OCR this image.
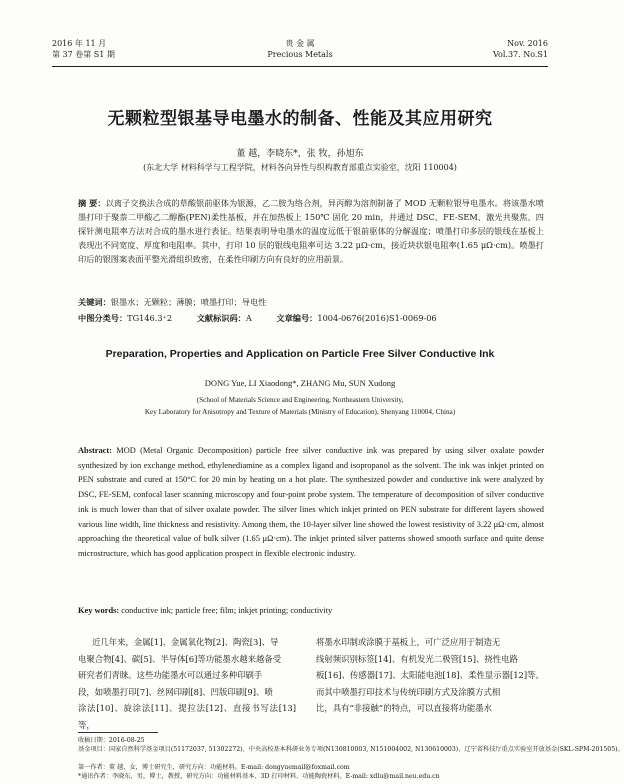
2016 年 11 月
第 37 卷第 S1 期
贵 金 属
Precious Metals
Nov. 2016
Vol.37. No.S1
无颗粒型银基导电墨水的制备、性能及其应用研究
董 越，李晓东*，张 牧，孙旭东
(东北大学 材料科学与工程学院，材料各向异性与织构教育部重点实验室，沈阳 110004)
摘 要：以离子交换法合成的草酸银前驱体为银源，乙二胺为络合剂，异丙醇为溶剂制备了 MOD 无颗粒银导电墨水。将该墨水喷墨打印于聚萘二甲酸乙二醇酯(PEN)柔性基板，并在加热板上 150℃ 固化 20 min，并通过 DSC、FE-SEM、激光共聚焦、四探针测电阻率方法对合成的墨水进行表征。结果表明导电墨水的温度远低于银前驱体的分解温度；喷墨打印多层的银线在基板上表现出不同宽度、厚度和电阻率。其中，打印 10 层的银线电阻率可达 3.22 μΩ·cm，接近块状银电阻率(1.65 μΩ·cm)。喷墨打印后的银图案表面平整光滑组织致密，在柔性印刷方向有良好的应用前景。
关键词：银墨水；无颗粒；薄膜；喷墨打印；导电性
中图分类号：TG146.3⁺2	文献标识码：A	文章编号：1004-0676(2016)S1-0069-06
Preparation, Properties and Application on Particle Free Silver Conductive Ink
DONG Yue, LI Xiaodong*, ZHANG Mu, SUN Xudong
(School of Materials Science and Engineering, Northeastern University,
Key Laboratory for Anisotropy and Texture of Materials (Ministry of Education), Shenyang 110004, China)
Abstract: MOD (Metal Organic Decomposition) particle free silver conductive ink was prepared by using silver oxalate powder synthesized by ion exchange method, ethylenediamine as a complex ligand and isopropanol as the solvent. The ink was inkjet printed on PEN substrate and cured at 150°C for 20 min by heating on a hot plate. The synthesized powder and conductive ink were analyzed by DSC, FE-SEM, confocal laser scanning microscopy and four-point probe system. The temperature of decomposition of silver conductive ink is much lower than that of silver oxalate powder. The silver lines which inkjet printed on PEN substrate for different layers showed various line width, line thickness and resistivity. Among them, the 10-layer silver line showed the lowest resistivity of 3.22 μΩ·cm, almost approaching the theoretical value of bulk silver (1.65 μΩ·cm). The inkjet printed silver patterns showed smooth surface and quite dense microstructure, which has good application prospect in flexible electronic industry.
Key words: conductive ink; particle free; film; inkjet printing; conductivity
近几年来，金属[1]、金属氧化物[2]、陶瓷[3]、导
电聚合物[4]、碳[5]、半导体[6]等功能墨水越来越备受
研究者们青睐。这些功能墨水可以通过多种印刷手
段，如喷墨打印[7]、丝网印刷[8]、凹版印刷[9]、喷
涂法[10]、旋涂法[11]、提拉法[12]、直接书写法[13]等，
将墨水印制或涂膜于基板上，可广泛应用于制造无
线射频识别标签[14]、有机发光二极管[15]、挠性电路
板[16]、传感器[17]、太阳能电池[18]、柔性显示器[12]等。
而其中喷墨打印技术与传统印刷方式及涂膜方式相
比，具有“非接触”的特点，可以直接将功能墨水
收稿日期：2016-08-25
基金项目：国家自然科学基金项目(51172037, 51302272)、中央高校基本科研业务专项(N130810003, N151004002, N130610003)、辽宁省科技厅重点实验室开放基金(SKL-SPM-201505)。
第一作者：董 越，女，博士研究生，研究方向：功能材料。E-mail: dongyuemail@foxmail.com
*通讯作者：李晓东，男，博士，教授，研究方向：功能材料基本、3D 打印材料、功能陶瓷材料。E-mail: xdlu@mail.neu.edu.cn
